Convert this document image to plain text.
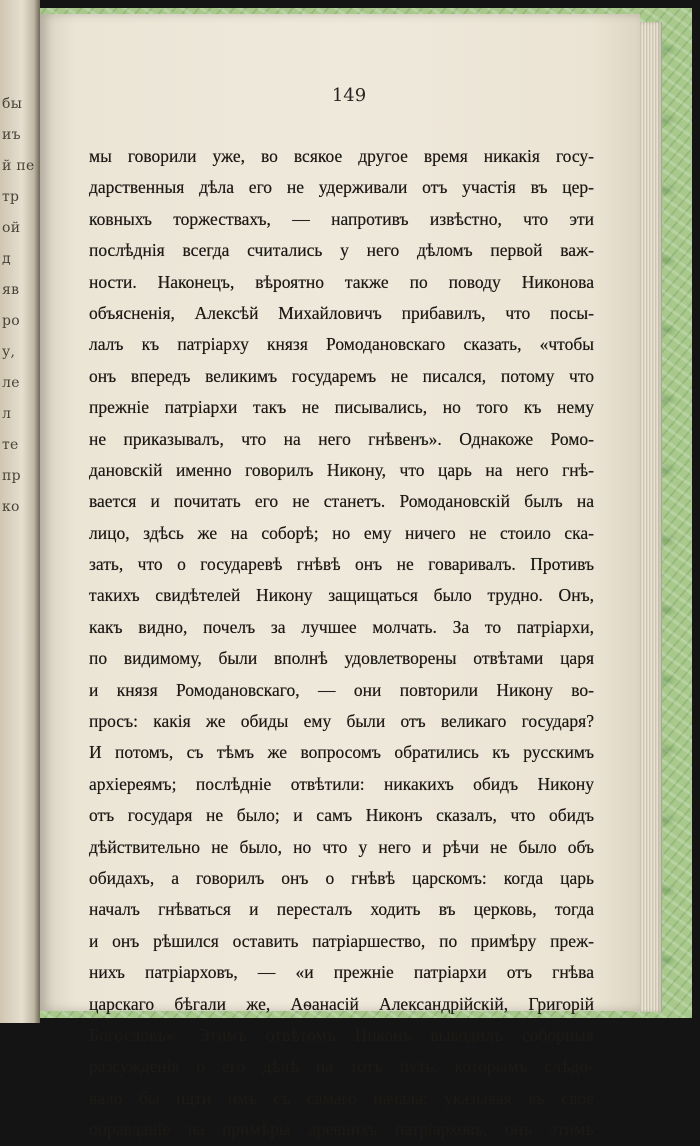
бы
иъ
й пе
тр
ой
д
яв
ро
у,
ле
л
те
пр
ко
149
мы говорили уже, во всякое другое время никакія госу-
дарственныя дѣла его не удерживали отъ участія въ цер-
ковныхъ торжествахъ, — напротивъ извѣстно, что эти
послѣднія всегда считались у него дѣломъ первой важ-
ности. Наконецъ, вѣроятно также по поводу Никонова
объясненія, Алексѣй Михайловичъ прибавилъ, что посы-
лалъ къ патріарху князя Ромодановскаго сказать, «чтобы
онъ впередъ великимъ государемъ не писался, потому что
прежніе патріархи такъ не писывались, но того къ нему
не приказывалъ, что на него гнѣвенъ». Однакоже Ромо-
дановскій именно говорилъ Никону, что царь на него гнѣ-
вается и почитать его не станетъ. Ромодановскій былъ на
лицо, здѣсь же на соборѣ; но ему ничего не стоило ска-
зать, что о государевѣ гнѣвѣ онъ не говаривалъ. Противъ
такихъ свидѣтелей Никону защищаться было трудно. Онъ,
какъ видно, почелъ за лучшее молчать. За то патріархи,
по видимому, были вполнѣ удовлетворены отвѣтами царя
и князя Ромодановскаго, — они повторили Никону во-
просъ: какія же обиды ему были отъ великаго государя?
И потомъ, съ тѣмъ же вопросомъ обратились къ русскимъ
архіереямъ; послѣдніе отвѣтили: никакихъ обидъ Никону
отъ государя не было; и самъ Никонъ сказалъ, что обидъ
дѣйствительно не было, но что у него и рѣчи не было объ
обидахъ, а говорилъ онъ о гнѣвѣ царскомъ: когда царь
началъ гнѣваться и пересталъ ходить въ церковь, тогда
и онъ рѣшился оставить патріаршество, по примѣру преж-
нихъ патріарховъ, — «и прежніе патріархи отъ гнѣва
царскаго бѣгали же, Аѳанасій Александрійскій, Григорій
Богословъ». Этимъ отвѣтомъ Никонъ выводилъ соборныя
разсужденія о его дѣлѣ на тотъ путь, которымъ слѣдо-
вало бы идти имъ съ самаго начала: указывая въ свое
оправданіе на примѣры древнихъ патріарховъ, онъ этимъ
